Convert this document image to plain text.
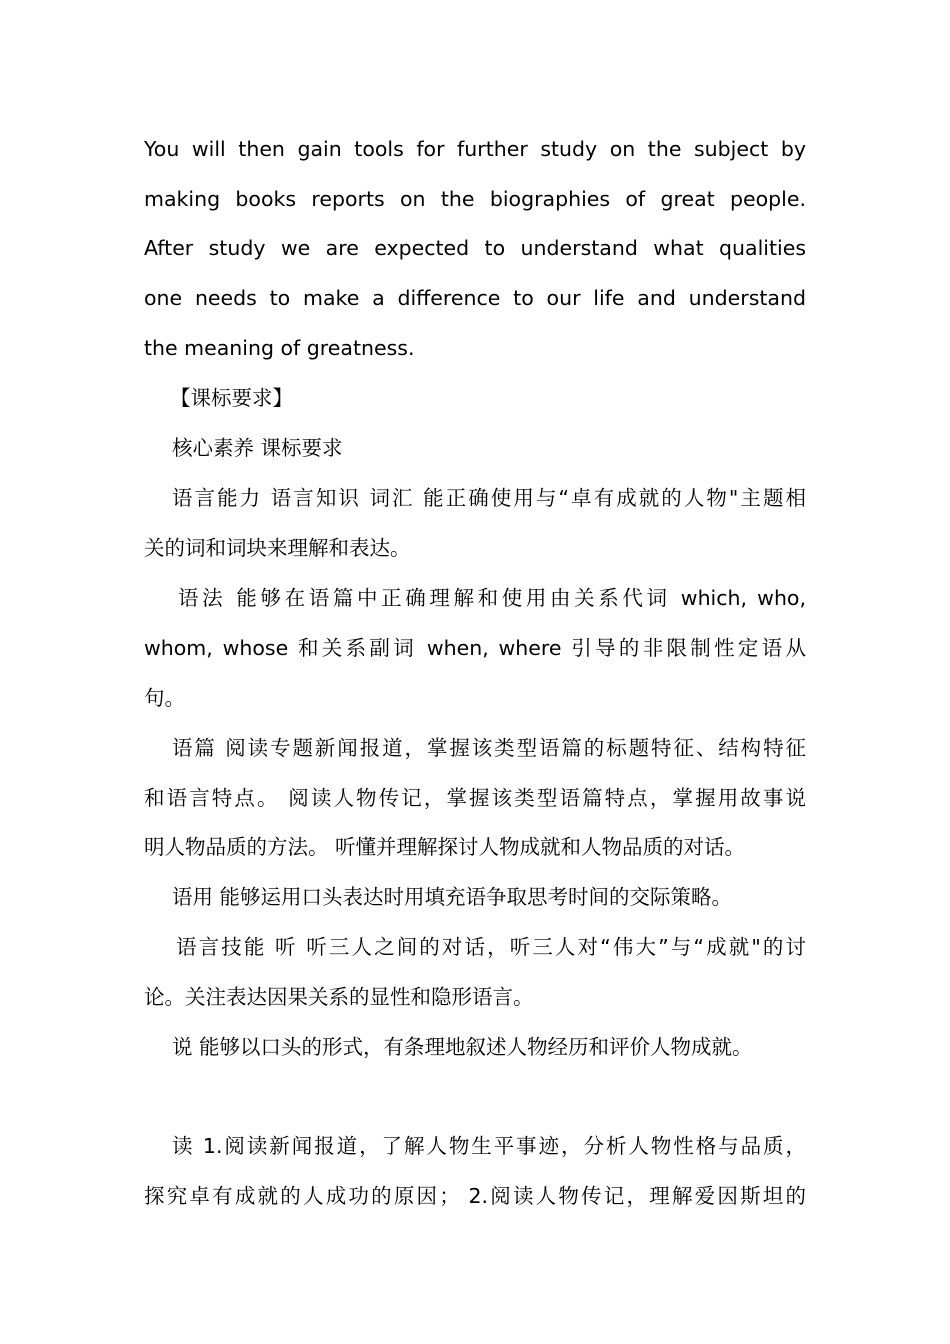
You will then gain tools for further study on the subject by
making books reports on the biographies of great people.
After study we are expected to understand what qualities
one needs to make a difference to our life and understand
the meaning of greatness.
【课标要求】
核心素养 课标要求
语言能力 语言知识 词汇 能正确使用与“卓有成就的人物"主题相
关的词和词块来理解和表达。
语法 能够在语篇中正确理解和使用由关系代词 which, who,
whom, whose 和关系副词 when, where 引导的非限制性定语从
句。
语篇 阅读专题新闻报道，掌握该类型语篇的标题特征、结构特征
和语言特点。 阅读人物传记，掌握该类型语篇特点，掌握用故事说
明人物品质的方法。 听懂并理解探讨人物成就和人物品质的对话。
语用 能够运用口头表达时用填充语争取思考时间的交际策略。
语言技能 听 听三人之间的对话，听三人对“伟大”与“成就"的讨
论。关注表达因果关系的显性和隐形语言。
说 能够以口头的形式，有条理地叙述人物经历和评价人物成就。
读 1.阅读新闻报道，了解人物生平事迹，分析人物性格与品质，
探究卓有成就的人成功的原因； 2.阅读人物传记，理解爱因斯坦的
